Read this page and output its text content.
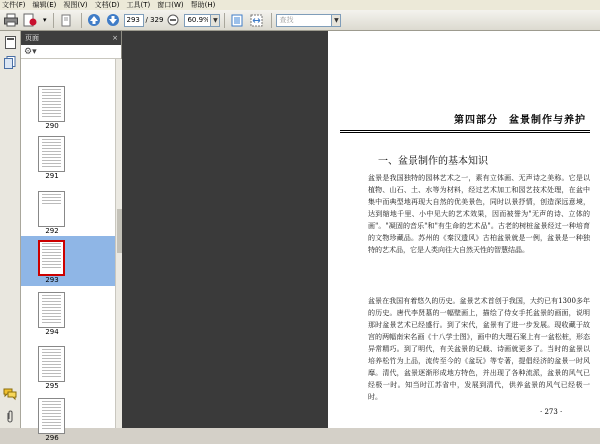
文件(F) 编辑(E) 视图(V) 文档(D) 工具(T) 窗口(W) 帮助(H)
▾
293	/ 329
60.9%	▼
查找	▼
页面	×
⚙▾
290
291
292
293
294
295
296
第四部分　盆景制作与养护
一、盆景制作的基本知识
盆景是我国独特的园林艺术之一，素有立体画、无声诗之美称。它是以植物、山石、土、水等为材料，经过艺术加工和园艺技术处理，在盆中集中而典型地再现大自然的优美景色，同时以景抒情，创造深远意境，达到缩地千里、小中见大的艺术效果，因而被誉为"无声的诗、立体的画"。"凝固的音乐"和"有生命的艺术品"。古老的树桩盆景经过一种培育的文物珍藏品。苏州的《秦汉遗风》古柏盆景就是一例，盆景是一种独特的艺术品，它是人类向往大自然天性的智慧结晶。
盆景在我国有着悠久的历史。盆景艺术首创于我国，大约已有1300多年的历史。唐代李贤墓的一幅壁画上，描绘了侍女手托盆景的画面，说明那时盆景艺术已经盛行。到了宋代，盆景有了进一步发展。现收藏于故宫的两幅南宋名画《十八学士图》，画中的大理石案上有一盆松桩，形态异常精巧。到了明代，有关盆景的记载、诗画就更多了。当时的盆景以培养松竹为上品，流传至今的《盆玩》等专著，提倡经济的盆景一时风靡。清代，盆景逐渐形成地方特色，并出现了各种流派，盆景的风气已经极一时。知当时江苏省中，发展到清代，供养盆景的风气已经极一时。
· 273 ·
